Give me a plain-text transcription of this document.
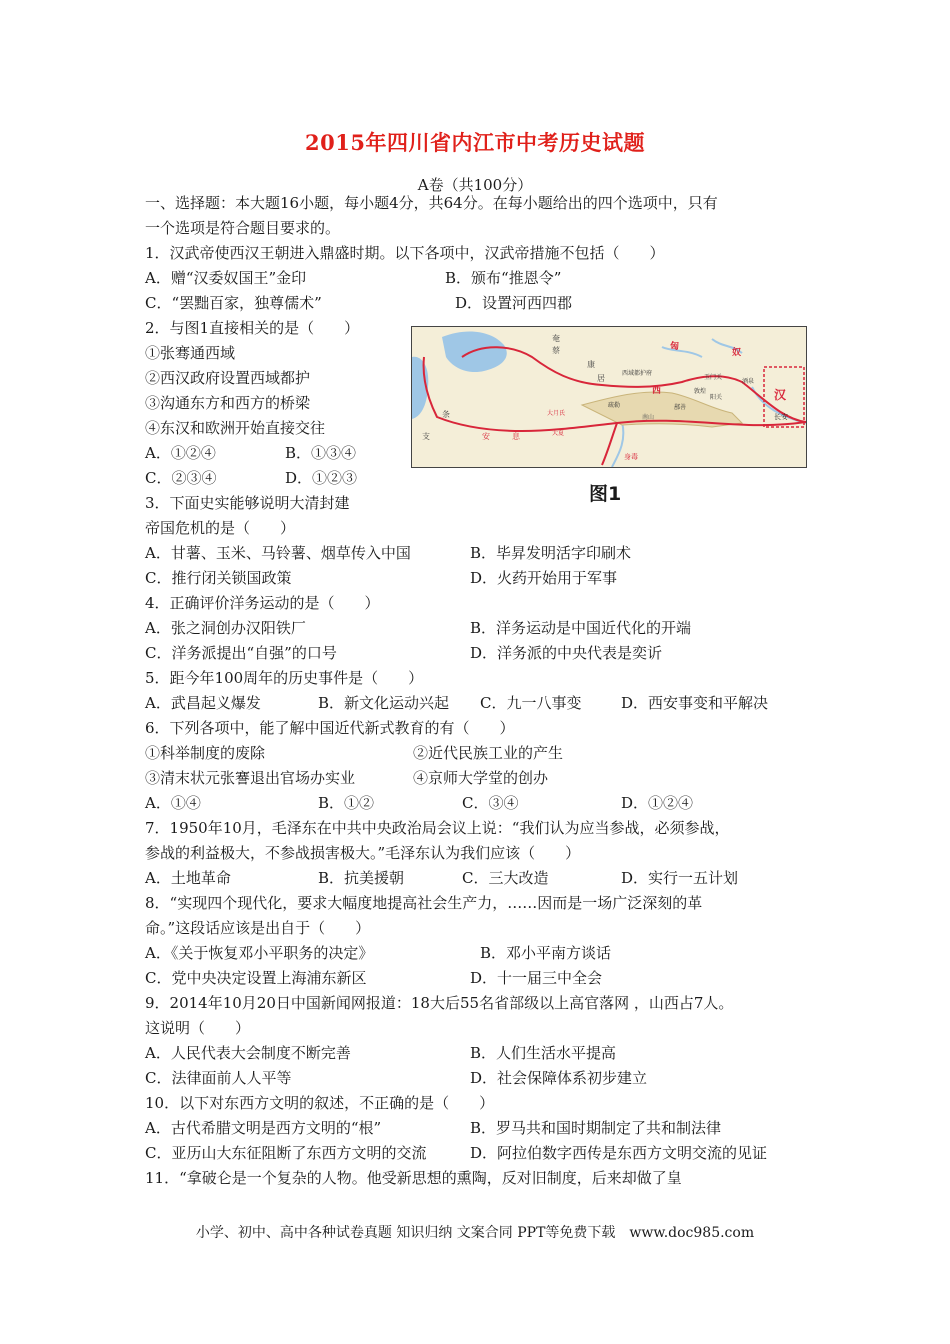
2015年四川省内江市中考历史试题
A卷（共100分）
一、选择题：本大题16小题，每小题4分，共64分。在每小题给出的四个选项中，只有
一个选项是符合题目要求的。
1．汉武帝使西汉王朝进入鼎盛时期。以下各项中，汉武帝措施不包括（　　）
A．赠“汉委奴国王”金印	B．颁布“推恩令”
C．“罢黜百家，独尊儒术”	D．设置河西四郡
2．与图1直接相关的是（　　）
①张骞通西域
②西汉政府设置西域都护
③沟通东方和西方的桥梁
④东汉和欧洲开始直接交往
A．①②④	B．①③④
C．②③④	D．①②③
奄
蔡
康
居
匈
奴
西域都护府
玉门关
酒泉
西	敦煌
阳关	汉
长安
大月氏
安	息
条
支	大夏
身毒
鄯善
疏勒
南山
图1
3．下面史实能够说明大清封建
帝国危机的是（　　）
A．甘薯、玉米、马铃薯、烟草传入中国	B．毕昇发明活字印刷术
C．推行闭关锁国政策	D．火药开始用于军事
4．正确评价洋务运动的是（　　）
A．张之洞创办汉阳铁厂	B．洋务运动是中国近代化的开端
C．洋务派提出“自强”的口号	D．洋务派的中央代表是奕䜣
5．距今年100周年的历史事件是（　　）
A．武昌起义爆发	B．新文化运动兴起 C．九一八事变	D．西安事变和平解决
6．下列各项中，能了解中国近代新式教育的有（　　）
①科举制度的废除	②近代民族工业的产生
③清末状元张謇退出官场办实业	④京师大学堂的创办
A．①④	B．①②	C．③④	D．①②④
7．1950年10月，毛泽东在中共中央政治局会议上说：“我们认为应当参战，必须参战，
参战的利益极大，不参战损害极大。”毛泽东认为我们应该（　　）
A．土地革命	B．抗美援朝	C．三大改造	D．实行一五计划
8．“实现四个现代化，要求大幅度地提高社会生产力，……因而是一场广泛深刻的革
命。”这段话应该是出自于（　　）
A．《关于恢复邓小平职务的决定》	B．邓小平南方谈话
C．党中央决定设置上海浦东新区	D．十一届三中全会
9．2014年10月20日中国新闻网报道：18大后55名省部级以上高官落网 ，山西占7人。
这说明（　　）
A．人民代表大会制度不断完善	B．人们生活水平提高
C．法律面前人人平等	D．社会保障体系初步建立
10．以下对东西方文明的叙述，不正确的是（　　）
A．古代希腊文明是西方文明的“根”	B．罗马共和国时期制定了共和制法律
C．亚历山大东征阻断了东西方文明的交流	D．阿拉伯数字西传是东西方文明交流的见证
11．“拿破仑是一个复杂的人物。他受新思想的熏陶，反对旧制度，后来却做了皇
小学、初中、高中各种试卷真题 知识归纳 文案合同 PPT等免费下载　www.doc985.com
